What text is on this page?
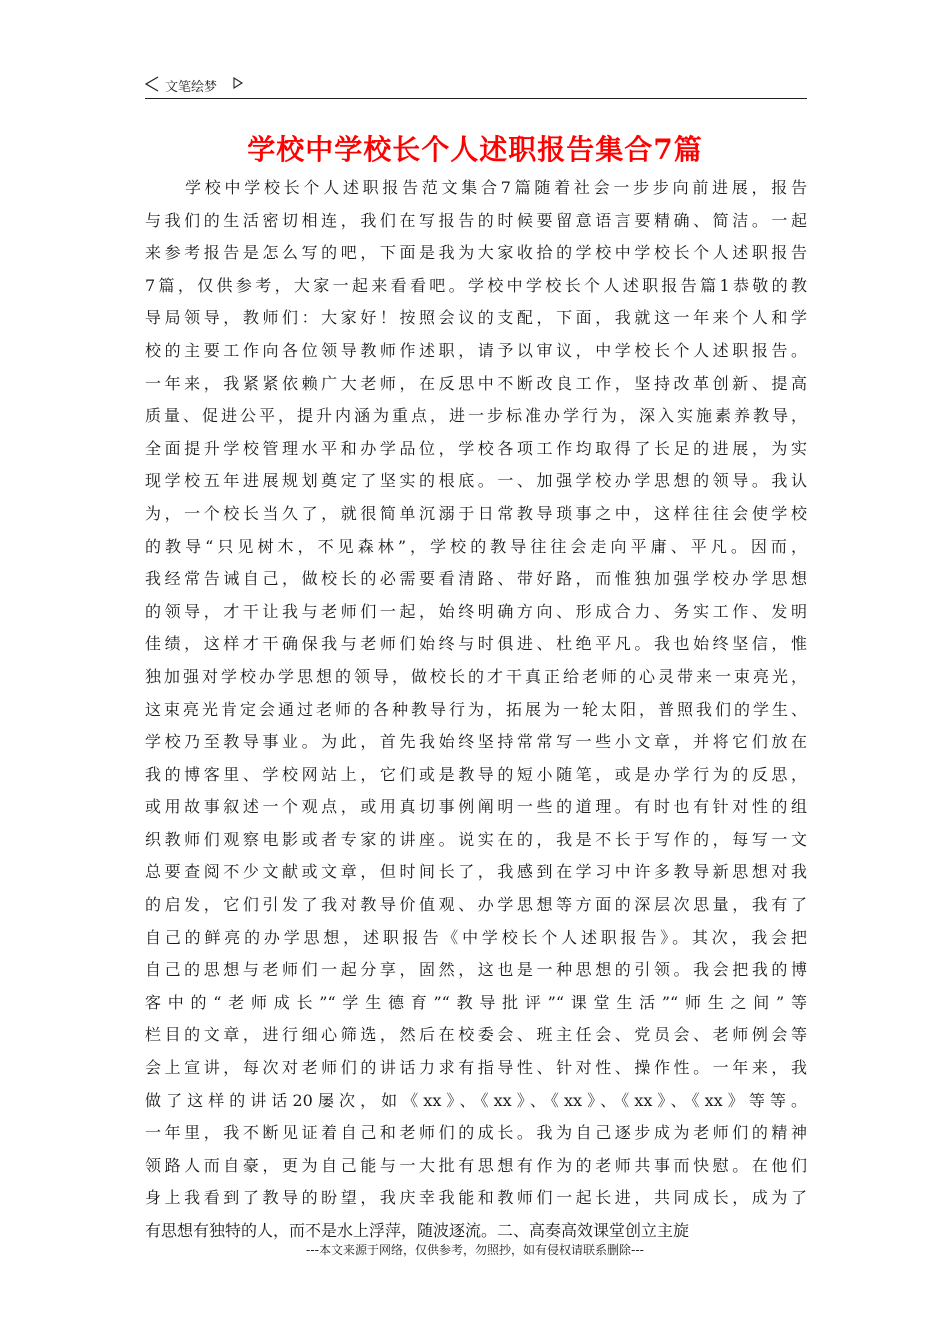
文笔绘梦
学校中学校长个人述职报告集合7篇
学校中学校长个人述职报告范文集合7篇随着社会一步步向前进展，报告
与我们的生活密切相连，我们在写报告的时候要留意语言要精确、简洁。一起
来参考报告是怎么写的吧，下面是我为大家收拾的学校中学校长个人述职报告
7篇，仅供参考，大家一起来看看吧。学校中学校长个人述职报告篇1恭敬的教
导局领导，教师们：大家好！按照会议的支配，下面，我就这一年来个人和学
校的主要工作向各位领导教师作述职，请予以审议，中学校长个人述职报告。
一年来，我紧紧依赖广大老师，在反思中不断改良工作，坚持改革创新、提高
质量、促进公平，提升内涵为重点，进一步标准办学行为，深入实施素养教导，
全面提升学校管理水平和办学品位，学校各项工作均取得了长足的进展，为实
现学校五年进展规划奠定了坚实的根底。一、加强学校办学思想的领导。我认
为，一个校长当久了，就很简单沉溺于日常教导琐事之中，这样往往会使学校
的教导“只见树木，不见森林”，学校的教导往往会走向平庸、平凡。因而，
我经常告诫自己，做校长的必需要看清路、带好路，而惟独加强学校办学思想
的领导，才干让我与老师们一起，始终明确方向、形成合力、务实工作、发明
佳绩，这样才干确保我与老师们始终与时俱进、杜绝平凡。我也始终坚信，惟
独加强对学校办学思想的领导，做校长的才干真正给老师的心灵带来一束亮光，
这束亮光肯定会通过老师的各种教导行为，拓展为一轮太阳，普照我们的学生、
学校乃至教导事业。为此，首先我始终坚持常常写一些小文章，并将它们放在
我的博客里、学校网站上，它们或是教导的短小随笔，或是办学行为的反思，
或用故事叙述一个观点，或用真切事例阐明一些的道理。有时也有针对性的组
织教师们观察电影或者专家的讲座。说实在的，我是不长于写作的，每写一文
总要查阅不少文献或文章，但时间长了，我感到在学习中许多教导新思想对我
的启发，它们引发了我对教导价值观、办学思想等方面的深层次思量，我有了
自己的鲜亮的办学思想，述职报告《中学校长个人述职报告》。其次，我会把
自己的思想与老师们一起分享，固然，这也是一种思想的引领。我会把我的博
客中的“老师成长”“学生德育”“教导批评”“课堂生活”“师生之间”等
栏目的文章，进行细心筛选，然后在校委会、班主任会、党员会、老师例会等
会上宣讲，每次对老师们的讲话力求有指导性、针对性、操作性。一年来，我
做了这样的讲话20屡次，如《xx》、《xx》、《xx》、《xx》、《xx》等等。
一年里，我不断见证着自己和老师们的成长。我为自己逐步成为老师们的精神
领路人而自豪，更为自己能与一大批有思想有作为的老师共事而快慰。在他们
身上我看到了教导的盼望，我庆幸我能和教师们一起长进，共同成长，成为了
有思想有独特的人，而不是水上浮萍，随波逐流。二、高奏高效课堂创立主旋
---本文来源于网络，仅供参考，勿照抄，如有侵权请联系删除---
